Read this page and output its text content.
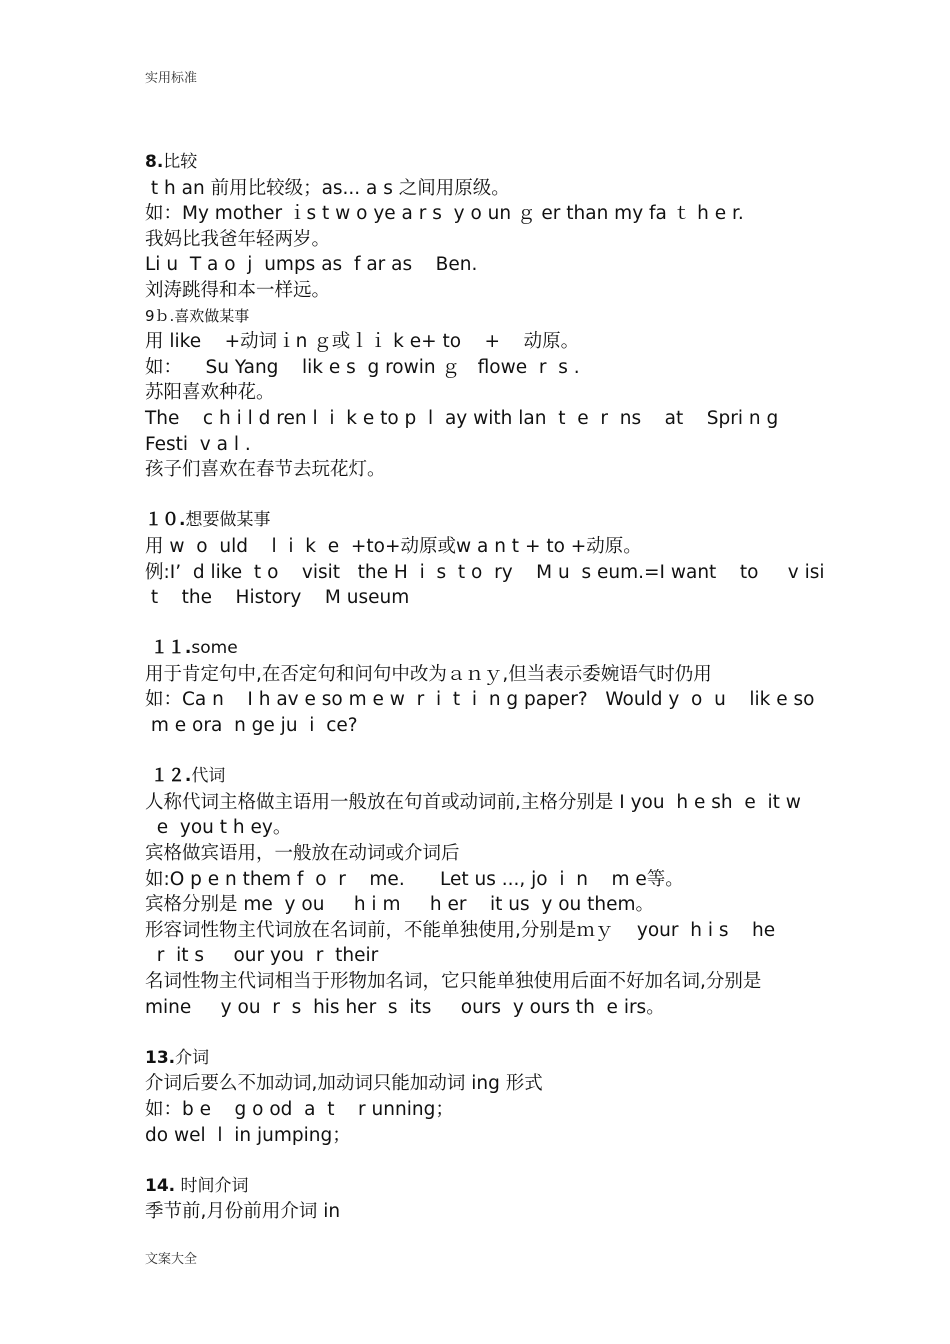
实用标准
8.比较
t h an 前用比较级；as... a s 之间用原级。
如：My mother ｉs t w o ye a r s  y o un ｇ er than my fa ｔ h e r.
我妈比我爸年轻两岁。
Li u  T a o  j  umps as  f ar as    Ben.
刘涛跳得和本一样远。
9ｂ.喜欢做某事
用 like    +动词ｉn ｇ或ｌｉ k e+ to    +    动原。
如：    Su Yang    lik e s  g rowin ｇ   flowe  r  s .
苏阳喜欢种花。
The    c h i l d ren l  i  k e to p  l  ay with lan  t  e  r  ns    at    Spri n g
Festi  v a l .
孩子们喜欢在春节去玩花灯。
１０.想要做某事
用 w  o  uld    l  i  k  e  +to+动原或w a n t + to +动原。
例:I’  d like  t o    visit   the H  i  s  t o  ry    M u  s eum.=I want    to     v isi
t    the    History    M useum
１１.some
用于肯定句中,在否定句和问句中改为ａｎｙ,但当表示委婉语气时仍用
如：Ca n    I h av e so m e w  r  i  t  i  n g paper?   Would y  o  u    lik e so
m e ora  n ge ju  i  ce?
１２.代词
人称代词主格做主语用一般放在句首或动词前,主格分别是 I you  h e sh  e  it w
e  you t h ey。
宾格做宾语用，一般放在动词或介词后
如:O p e n them f  o  r    me.      Let us ..., jo  i  n    m e等。
宾格分别是 me  y ou     h i m     h er    it us  y ou them。
形容词性物主代词放在名词前，不能单独使用,分别是ｍｙ    your  h i s    he
r  it s     our you  r  their
名词性物主代词相当于形物加名词，它只能单独使用后面不好加名词,分别是
mine     y ou  r  s  his her  s  its     ours  y ours th  e irs。
13.介词
介词后要么不加动词,加动词只能加动词 ing 形式
如：b e    g o od  a  t    r unning；
do wel  l  in jumping；
14. 时间介词
季节前,月份前用介词 in
文案大全
